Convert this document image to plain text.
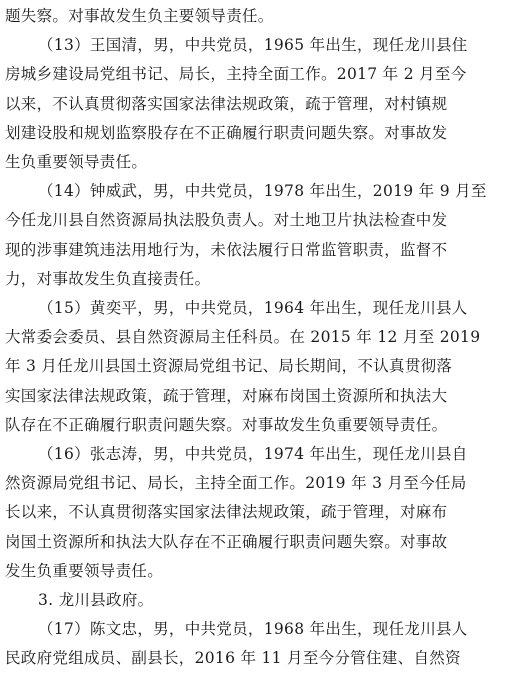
题失察。对事故发生负主要领导责任。
（13）王国清，男，中共党员，1965 年出生，现任龙川县住
房城乡建设局党组书记、局长，主持全面工作。2017 年 2 月至今
以来，不认真贯彻落实国家法律法规政策，疏于管理，对村镇规
划建设股和规划监察股存在不正确履行职责问题失察。对事故发
生负重要领导责任。
（14）钟威武，男，中共党员，1978 年出生，2019 年 9 月至
今任龙川县自然资源局执法股负责人。对土地卫片执法检查中发
现的涉事建筑违法用地行为，未依法履行日常监管职责，监督不
力，对事故发生负直接责任。
（15）黄奕平，男，中共党员，1964 年出生，现任龙川县人
大常委会委员、县自然资源局主任科员。在 2015 年 12 月至 2019
年 3 月任龙川县国土资源局党组书记、局长期间，不认真贯彻落
实国家法律法规政策，疏于管理，对麻布岗国土资源所和执法大
队存在不正确履行职责问题失察。对事故发生负重要领导责任。
（16）张志涛，男，中共党员，1974 年出生，现任龙川县自
然资源局党组书记、局长，主持全面工作。2019 年 3 月至今任局
长以来，不认真贯彻落实国家法律法规政策，疏于管理，对麻布
岗国土资源所和执法大队存在不正确履行职责问题失察。对事故
发生负重要领导责任。
3. 龙川县政府。
（17）陈文忠，男，中共党员，1968 年出生，现任龙川县人
民政府党组成员、副县长，2016 年 11 月至今分管住建、自然资
